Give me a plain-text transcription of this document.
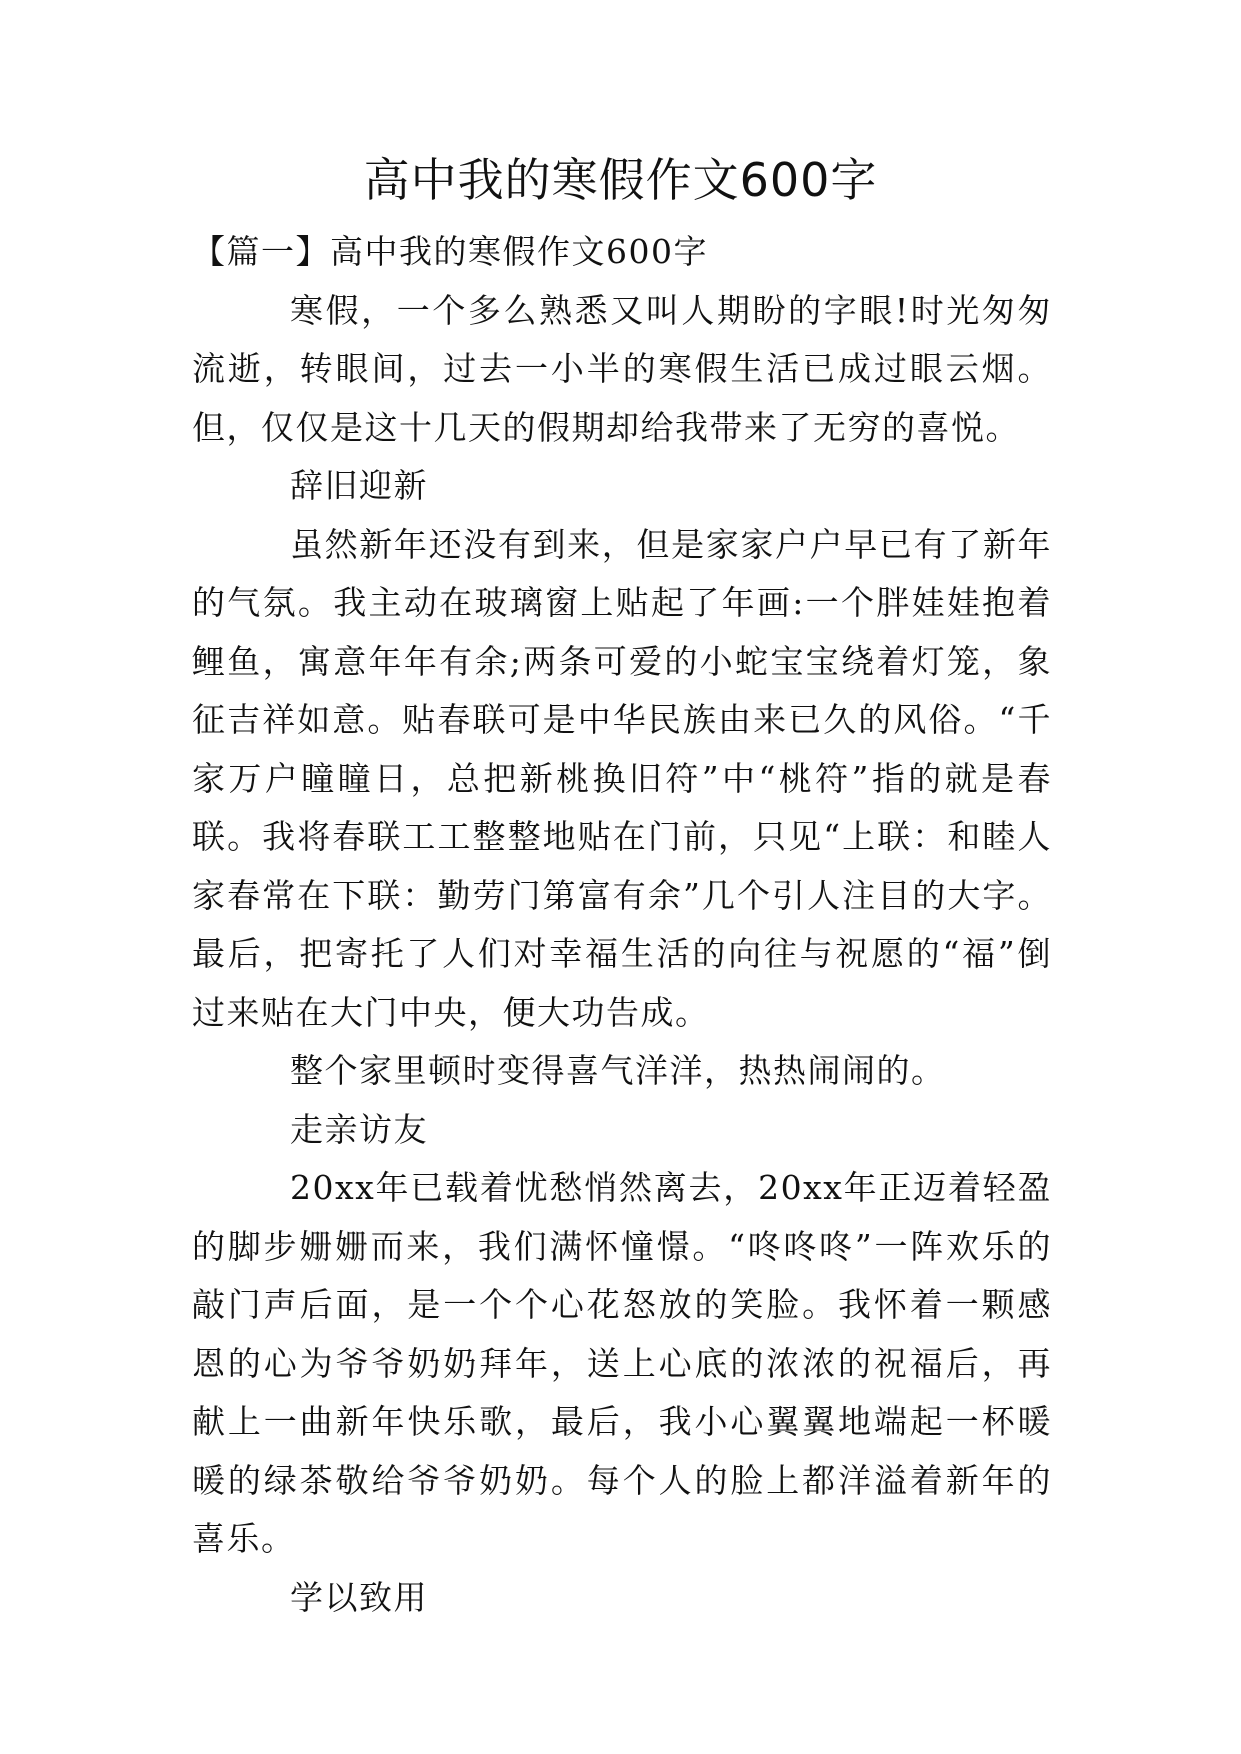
高中我的寒假作文600字

【篇一】高中我的寒假作文600字

寒假，一个多么熟悉又叫人期盼的字眼!时光匆匆流逝，转眼间，过去一小半的寒假生活已成过眼云烟。但，仅仅是这十几天的假期却给我带来了无穷的喜悦。

辞旧迎新

虽然新年还没有到来，但是家家户户早已有了新年的气氛。我主动在玻璃窗上贴起了年画:一个胖娃娃抱着鲤鱼，寓意年年有余;两条可爱的小蛇宝宝绕着灯笼，象征吉祥如意。贴春联可是中华民族由来已久的风俗。“千家万户瞳瞳日，总把新桃换旧符”中“桃符”指的就是春联。我将春联工工整整地贴在门前，只见“上联：和睦人家春常在下联：勤劳门第富有余”几个引人注目的大字。最后，把寄托了人们对幸福生活的向往与祝愿的“福”倒过来贴在大门中央，便大功告成。

整个家里顿时变得喜气洋洋，热热闹闹的。

走亲访友

20xx年已载着忧愁悄然离去，20xx年正迈着轻盈的脚步姗姗而来，我们满怀憧憬。“咚咚咚”一阵欢乐的敲门声后面，是一个个心花怒放的笑脸。我怀着一颗感恩的心为爷爷奶奶拜年，送上心底的浓浓的祝福后，再献上一曲新年快乐歌，最后，我小心翼翼地端起一杯暖暖的绿茶敬给爷爷奶奶。每个人的脸上都洋溢着新年的喜乐。

学以致用
